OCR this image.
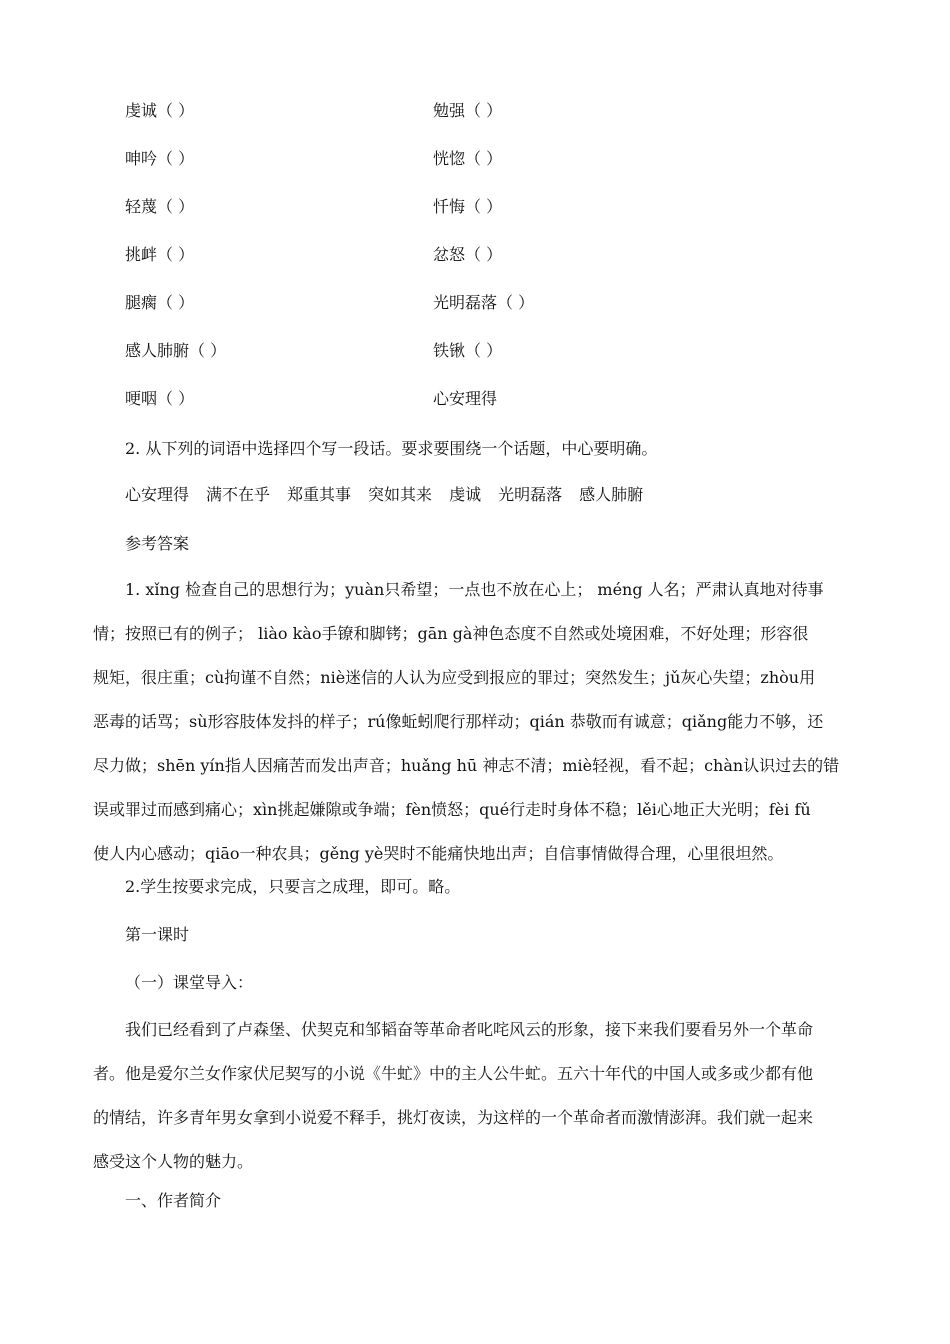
虔诚（ ）	勉强（ ）
呻吟（ ）	恍惚（ ）
轻蔑（ ）	忏悔（ ）
挑衅（ ）	忿怒（ ）
腿瘸（ ）	光明磊落（ ）
感人肺腑（ ）	铁锹（ ）
哽咽（ ）	心安理得
2. 从下列的词语中选择四个写一段话。要求要围绕一个话题，中心要明确。
心安理得 满不在乎 郑重其事 突如其来 虔诚 光明磊落 感人肺腑
参考答案
1. xǐng 检查自己的思想行为；yuàn只希望；一点也不放在心上； méng 人名；严肃认真地对待事
情；按照已有的例子； liào kào手镣和脚铐；gān gà神色态度不自然或处境困难，不好处理；形容很
规矩，很庄重；cù拘谨不自然；niè迷信的人认为应受到报应的罪过；突然发生；jǔ灰心失望；zhòu用
恶毒的话骂；sù形容肢体发抖的样子；rú像蚯蚓爬行那样动；qián 恭敬而有诚意；qiǎng能力不够，还
尽力做；shēn yín指人因痛苦而发出声音；huǎng hū 神志不清；miè轻视，看不起；chàn认识过去的错
误或罪过而感到痛心；xìn挑起嫌隙或争端；fèn愤怒；qué行走时身体不稳；lěi心地正大光明；fèi fǔ
使人内心感动；qiāo一种农具；gěng yè哭时不能痛快地出声；自信事情做得合理，心里很坦然。
2.学生按要求完成，只要言之成理，即可。略。
第一课时
（一）课堂导入：
我们已经看到了卢森堡、伏契克和邹韬奋等革命者叱咤风云的形象，接下来我们要看另外一个革命
者。他是爱尔兰女作家伏尼契写的小说《牛虻》中的主人公牛虻。五六十年代的中国人或多或少都有他
的情结，许多青年男女拿到小说爱不释手，挑灯夜读，为这样的一个革命者而激情澎湃。我们就一起来
感受这个人物的魅力。
一、作者简介
